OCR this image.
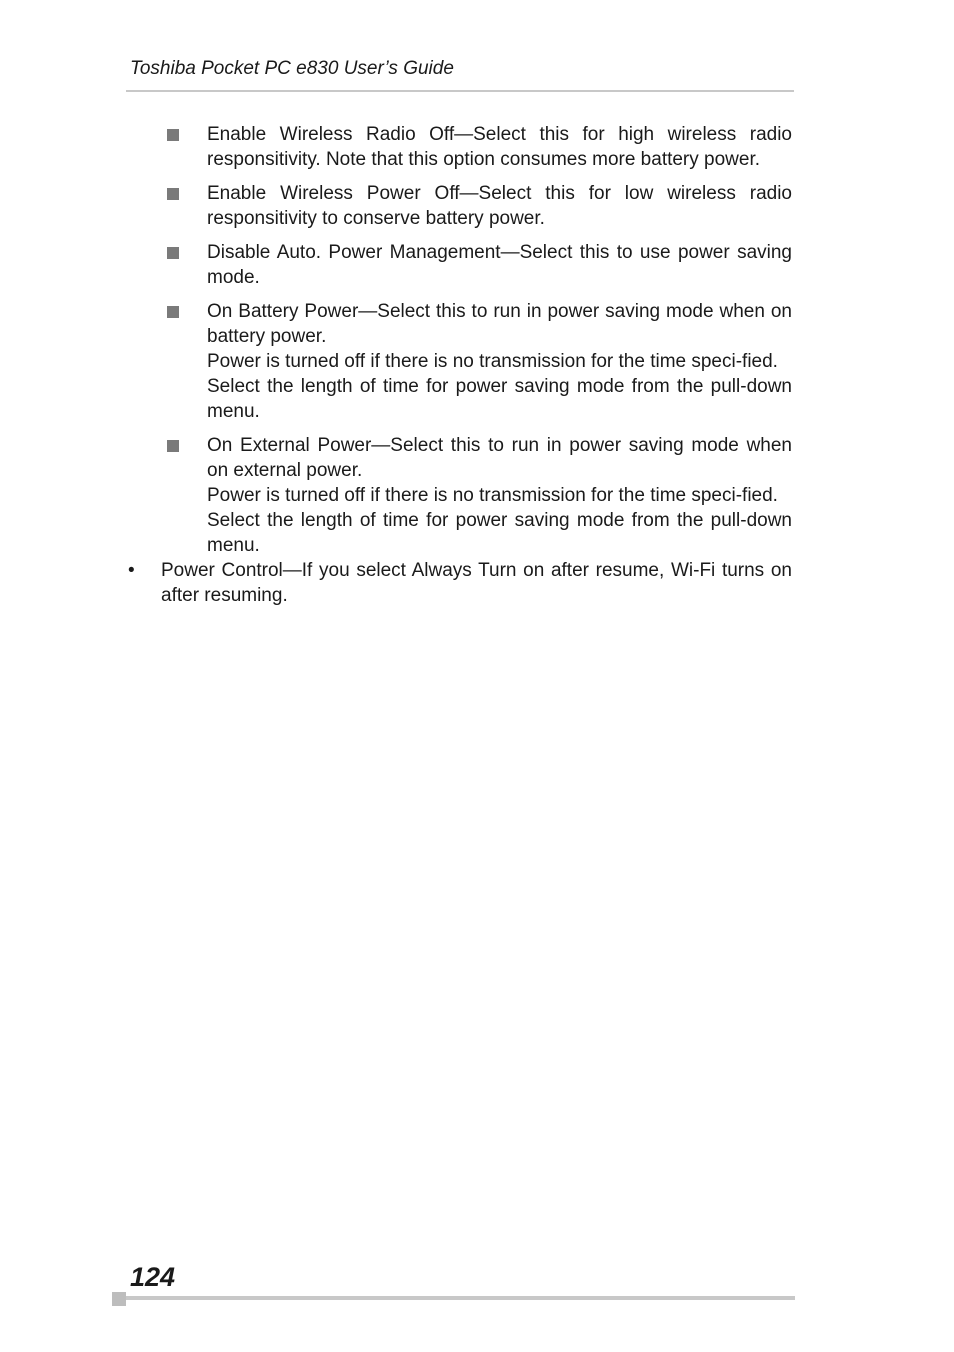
Toshiba Pocket PC e830 User’s Guide
Enable Wireless Radio Off—Select this for high wireless radio responsitivity. Note that this option consumes more battery power.
Enable Wireless Power Off—Select this for low wireless radio responsitivity to conserve battery power.
Disable Auto. Power Management—Select this to use power saving mode.
On Battery Power—Select this to run in power saving mode when on battery power.
Power is turned off if there is no transmission for the time speci-fied.
Select the length of time for power saving mode from the pull-down menu.
On External Power—Select this to run in power saving mode when on external power.
Power is turned off if there is no transmission for the time speci-fied.
Select the length of time for power saving mode from the pull-down menu.
• Power Control—If you select Always Turn on after resume, Wi-Fi turns on after resuming.
124
